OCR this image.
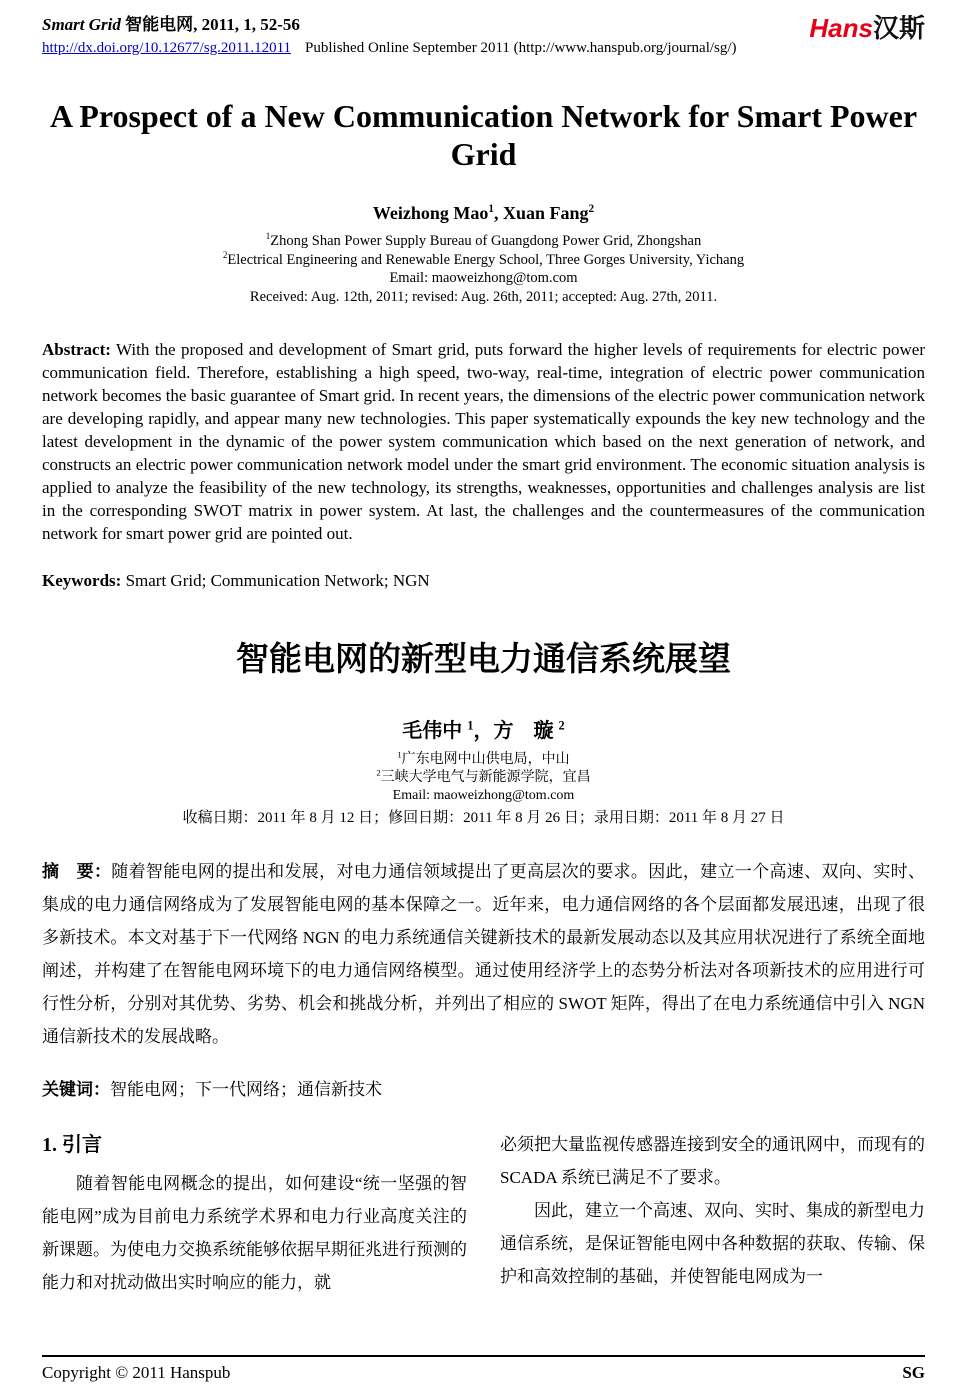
Smart Grid 智能电网, 2011, 1, 52-56
http://dx.doi.org/10.12677/sg.2011.12011 Published Online September 2011 (http://www.hanspub.org/journal/sg/)
Hans汉斯
A Prospect of a New Communication Network for Smart Power Grid
Weizhong Mao$^1$, Xuan Fang$^2$
$^1$Zhong Shan Power Supply Bureau of Guangdong Power Grid, Zhongshan
$^2$Electrical Engineering and Renewable Energy School, Three Gorges University, Yichang
Email: maoweizhong@tom.com
Received: Aug. 12th, 2011; revised: Aug. 26th, 2011; accepted: Aug. 27th, 2011.

Abstract: With the proposed and development of Smart grid, puts forward the higher levels of requirements for electric power communication field. Therefore, establishing a high speed, two-way, real-time, integration of electric power communication network becomes the basic guarantee of Smart grid. In recent years, the dimensions of the electric power communication network are developing rapidly, and appear many new technologies. This paper systematically expounds the key new technology and the latest development in the dynamic of the power system communication which based on the next generation of network, and constructs an electric power communication network model under the smart grid environment. The economic situation analysis is applied to analyze the feasibility of the new technology, its strengths, weaknesses, opportunities and challenges analysis are list in the corresponding SWOT matrix in power system. At last, the challenges and the countermeasures of the communication network for smart power grid are pointed out.

Keywords: Smart Grid; Communication Network; NGN

智能电网的新型电力通信系统展望
毛伟中 $^1$，方　璇 $^2$
$^1$广东电网中山供电局，中山
$^2$三峡大学电气与新能源学院，宜昌
Email: maoweizhong@tom.com
收稿日期：2011 年 8 月 12 日；修回日期：2011 年 8 月 26 日；录用日期：2011 年 8 月 27 日

摘　要：随着智能电网的提出和发展，对电力通信领域提出了更高层次的要求。因此，建立一个高速、双向、实时、集成的电力通信网络成为了发展智能电网的基本保障之一。近年来，电力通信网络的各个层面都发展迅速，出现了很多新技术。本文对基于下一代网络 NGN 的电力系统通信关键新技术的最新发展动态以及其应用状况进行了系统全面地阐述，并构建了在智能电网环境下的电力通信网络模型。通过使用经济学上的态势分析法对各项新技术的应用进行可行性分析，分别对其优势、劣势、机会和挑战分析，并列出了相应的 SWOT 矩阵，得出了在电力系统通信中引入 NGN 通信新技术的发展战略。

关键词：智能电网；下一代网络；通信新技术

1. 引言

随着智能电网概念的提出，如何建设“统一坚强的智能电网”成为目前电力系统学术界和电力行业高度关注的新课题。为使电力交换系统能够依据早期征兆进行预测的能力和对扰动做出实时响应的能力，就

必须把大量监视传感器连接到安全的通讯网中，而现有的 SCADA 系统已满足不了要求。

因此，建立一个高速、双向、实时、集成的新型电力通信系统，是保证智能电网中各种数据的获取、传输、保护和高效控制的基础，并使智能电网成为一

Copyright © 2011 Hanspub	SG
